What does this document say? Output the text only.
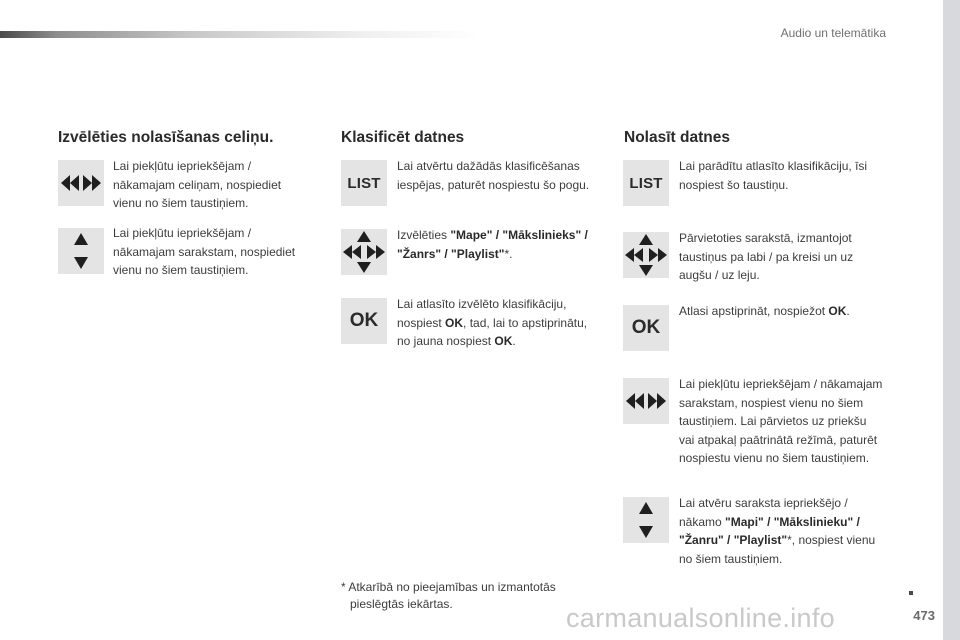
Audio un telemātika
Izvēlēties nolasīšanas celiņu.
Lai piekļūtu iepriekšējam / nākamajam celiņam, nospiediet vienu no šiem taustiņiem.
Lai piekļūtu iepriekšējam / nākamajam sarakstam, nospiediet vienu no šiem taustiņiem.
Klasificēt datnes
LIST
Lai atvērtu dažādās klasificēšanas iespējas, paturēt nospiestu šo pogu.
Izvēlēties "Mape" / "Mākslinieks" / "Žanrs" / "Playlist"*.
OK
Lai atlasīto izvēlēto klasifikāciju, nospiest OK, tad, lai to apstiprinātu, no jauna nospiest OK.
Nolasīt datnes
LIST
Lai parādītu atlasīto klasifikāciju, īsi nospiest šo taustiņu.
Pārvietoties sarakstā, izmantojot taustiņus pa labi / pa kreisi un uz augšu / uz leju.
OK
Atlasi apstiprināt, nospiežot OK.
Lai piekļūtu iepriekšējam / nākamajam sarakstam, nospiest vienu no šiem taustiņiem. Lai pārvietos uz priekšu vai atpakaļ paātrinātā režīmā, paturēt nospiestu vienu no šiem taustiņiem.
Lai atvēru saraksta iepriekšējo / nākamo "Mapi" / "Mākslinieku" / "Žanru" / "Playlist"*, nospiest vienu no šiem taustiņiem.
* Atkarībā no pieejamības un izmantotās
pieslēgtās iekārtas.	carmanualsonline.info	473
